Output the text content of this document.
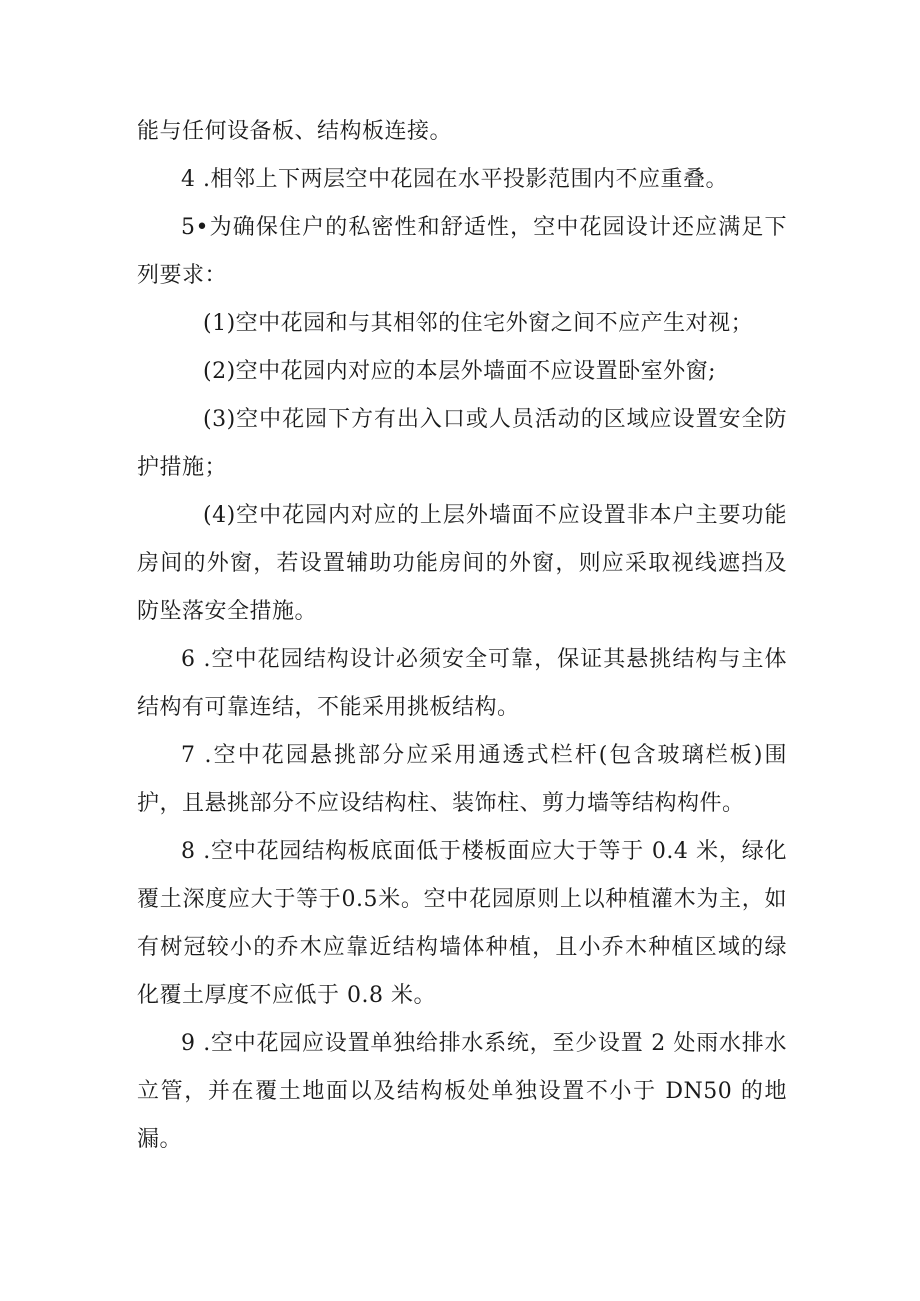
能与任何设备板、结构板连接。

4 .相邻上下两层空中花园在水平投影范围内不应重叠。

5•为确保住户的私密性和舒适性，空中花园设计还应满足下列要求：

(1)空中花园和与其相邻的住宅外窗之间不应产生对视；

(2)空中花园内对应的本层外墙面不应设置卧室外窗;

(3)空中花园下方有出入口或人员活动的区域应设置安全防护措施；

(4)空中花园内对应的上层外墙面不应设置非本户主要功能房间的外窗，若设置辅助功能房间的外窗，则应采取视线遮挡及防坠落安全措施。

6 .空中花园结构设计必须安全可靠，保证其悬挑结构与主体结构有可靠连结，不能采用挑板结构。

7 .空中花园悬挑部分应采用通透式栏杆(包含玻璃栏板)围护，且悬挑部分不应设结构柱、装饰柱、剪力墙等结构构件。

8 .空中花园结构板底面低于楼板面应大于等于 0.4 米，绿化覆土深度应大于等于0.5米。空中花园原则上以种植灌木为主，如有树冠较小的乔木应靠近结构墙体种植，且小乔木种植区域的绿化覆土厚度不应低于 0.8 米。

9 .空中花园应设置单独给排水系统，至少设置 2 处雨水排水立管，并在覆土地面以及结构板处单独设置不小于 DN50 的地漏。
